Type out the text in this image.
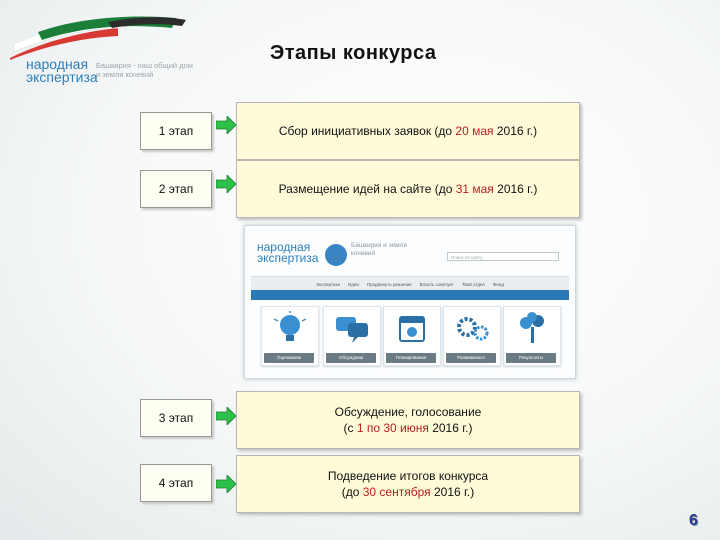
народная
экспертиза
Башкирия - наш общий дом и земля кочевий
Этапы конкурса
1 этап	Сбор инициативных заявок (до 20 мая 2016 г.)
2 этап	Размещение идей на сайте (до 31 мая 2016 г.)
народная
экспертиза
Башкирия и земля кочевий
Поиск по сайту
Экспертиза Идеи Продвинуть решение Власть советует Твой отдел Фонд
Оцениваем	Обсуждаем	Планирование	Развиваемся	Результаты
3 этап	Обсуждение, голосование
(с 1 по 30 июня 2016 г.)
4 этап	Подведение итогов конкурса
(до 30 сентября 2016 г.)
6
